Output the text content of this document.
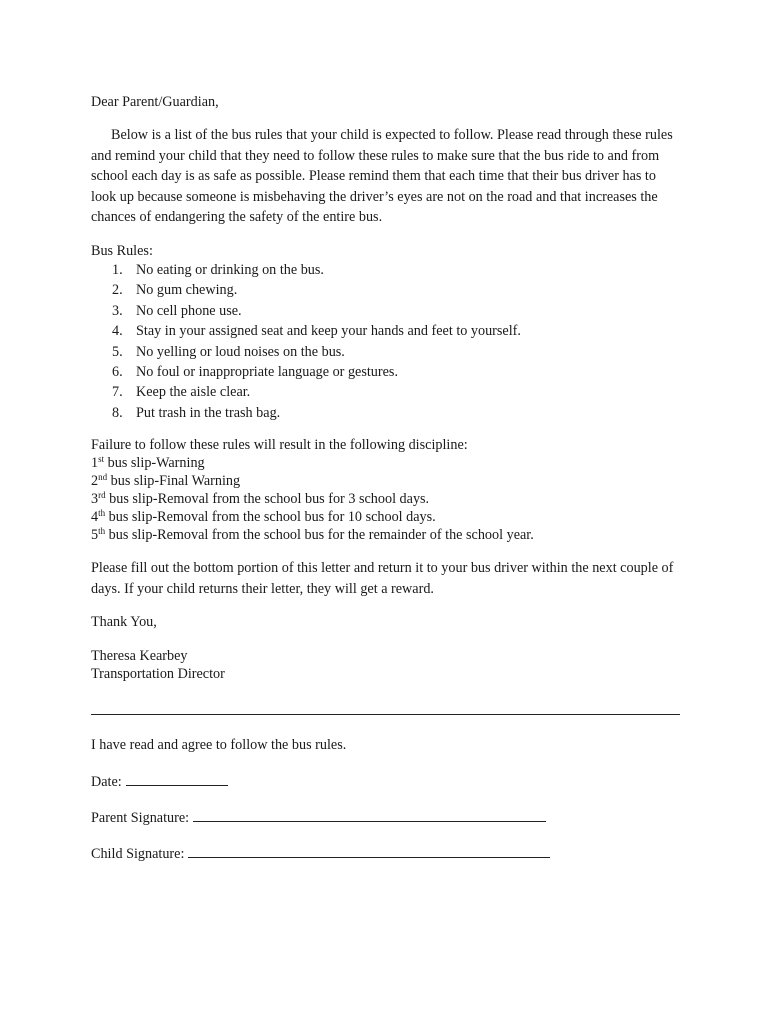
Dear Parent/Guardian,
Below is a list of the bus rules that your child is expected to follow. Please read through these rules and remind your child that they need to follow these rules to make sure that the bus ride to and from school each day is as safe as possible. Please remind them that each time that their bus driver has to look up because someone is misbehaving the driver’s eyes are not on the road and that increases the chances of endangering the safety of the entire bus.
Bus Rules:
1. No eating or drinking on the bus.
2. No gum chewing.
3. No cell phone use.
4. Stay in your assigned seat and keep your hands and feet to yourself.
5. No yelling or loud noises on the bus.
6. No foul or inappropriate language or gestures.
7. Keep the aisle clear.
8. Put trash in the trash bag.
Failure to follow these rules will result in the following discipline:
1st bus slip-Warning
2nd bus slip-Final Warning
3rd bus slip-Removal from the school bus for 3 school days.
4th bus slip-Removal from the school bus for 10 school days.
5th bus slip-Removal from the school bus for the remainder of the school year.
Please fill out the bottom portion of this letter and return it to your bus driver within the next couple of days. If your child returns their letter, they will get a reward.
Thank You,
Theresa Kearbey
Transportation Director
I have read and agree to follow the bus rules.
Date:
Parent Signature:
Child Signature:
